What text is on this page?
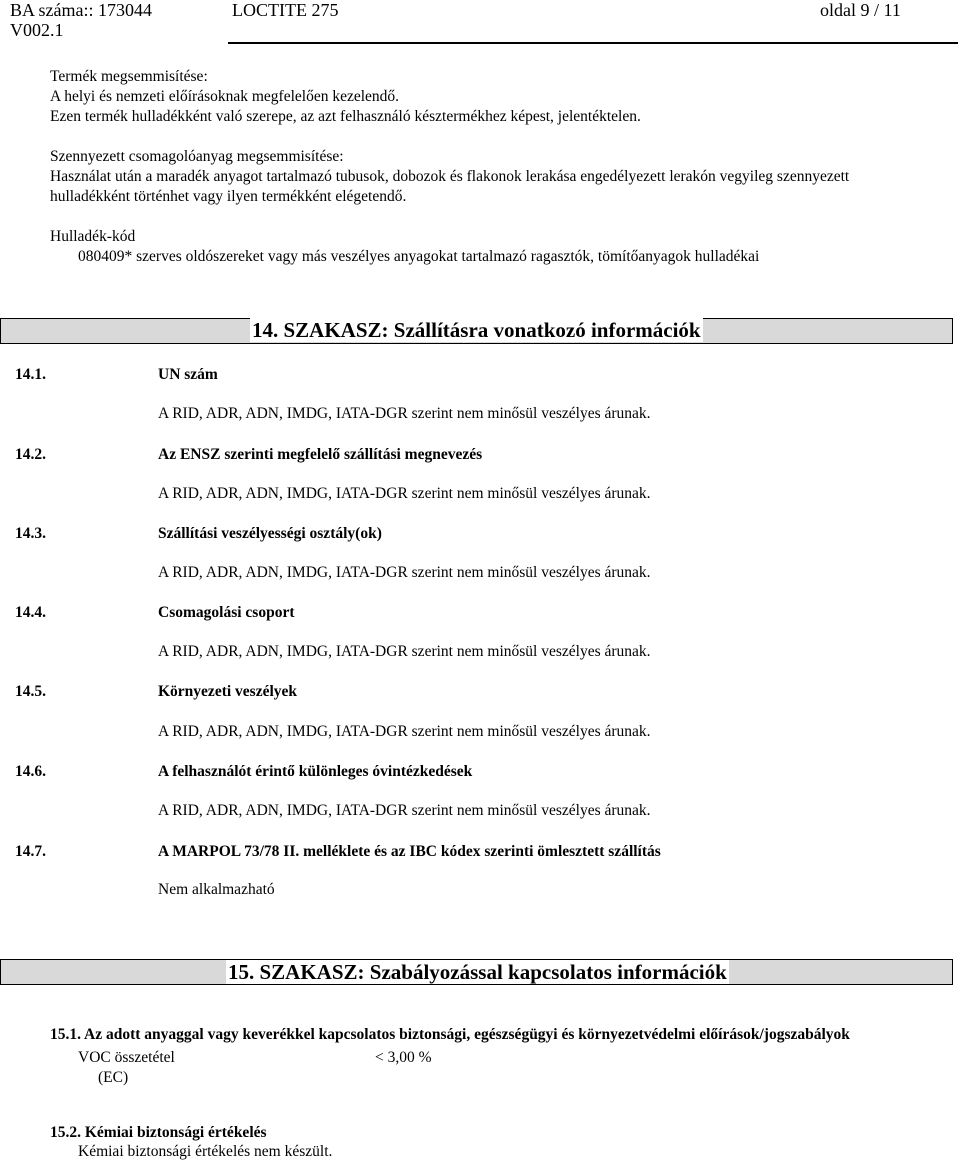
BA száma:: 173044	LOCTITE 275	oldal 9 / 11
V002.1
Termék megsemmisítése:
A helyi és nemzeti előírásoknak megfelelően kezelendő.
Ezen termék hulladékként való szerepe, az azt felhasználó késztermékhez képest, jelentéktelen.
Szennyezett csomagolóanyag megsemmisítése:
Használat után a maradék anyagot tartalmazó tubusok, dobozok és flakonok lerakása engedélyezett lerakón vegyileg szennyezett
hulladékként történhet vagy ilyen termékként elégetendő.
Hulladék-kód
080409* szerves oldószereket vagy más veszélyes anyagokat tartalmazó ragasztók, tömítőanyagok hulladékai
14. SZAKASZ: Szállításra vonatkozó információk
14.1.	UN szám
A RID, ADR, ADN, IMDG, IATA-DGR szerint nem minősül veszélyes árunak.
14.2.	Az ENSZ szerinti megfelelő szállítási megnevezés
A RID, ADR, ADN, IMDG, IATA-DGR szerint nem minősül veszélyes árunak.
14.3.	Szállítási veszélyességi osztály(ok)
A RID, ADR, ADN, IMDG, IATA-DGR szerint nem minősül veszélyes árunak.
14.4.	Csomagolási csoport
A RID, ADR, ADN, IMDG, IATA-DGR szerint nem minősül veszélyes árunak.
14.5.	Környezeti veszélyek
A RID, ADR, ADN, IMDG, IATA-DGR szerint nem minősül veszélyes árunak.
14.6.	A felhasználót érintő különleges óvintézkedések
A RID, ADR, ADN, IMDG, IATA-DGR szerint nem minősül veszélyes árunak.
14.7.	A MARPOL 73/78 II. melléklete és az IBC kódex szerinti ömlesztett szállítás
Nem alkalmazható
15. SZAKASZ: Szabályozással kapcsolatos információk
15.1. Az adott anyaggal vagy keverékkel kapcsolatos biztonsági, egészségügyi és környezetvédelmi előírások/jogszabályok
VOC összetétel	< 3,00 %
(EC)
15.2. Kémiai biztonsági értékelés
Kémiai biztonsági értékelés nem készült.
